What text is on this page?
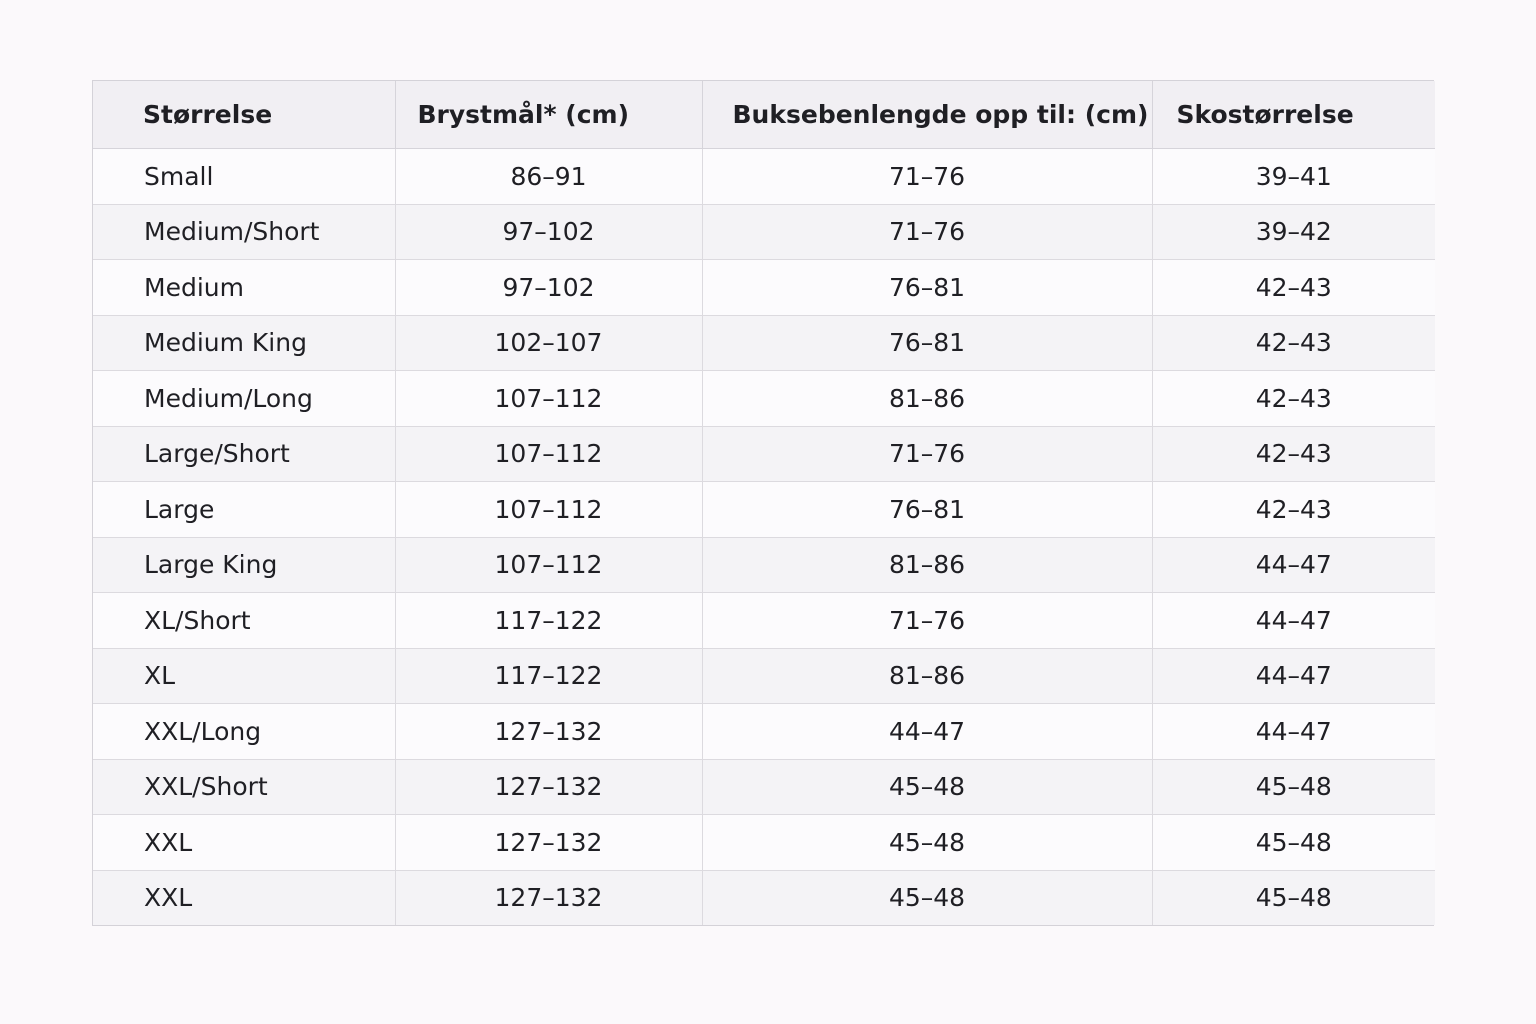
Størrelse	Brystmål* (cm)	Buksebenlengde opp til: (cm)	Skostørrelse
Small	86–91	71–76	39–41
Medium/Short	97–102	71–76	39–42
Medium	97–102	76–81	42–43
Medium King	102–107	76–81	42–43
Medium/Long	107–112	81–86	42–43
Large/Short	107–112	71–76	42–43
Large	107–112	76–81	42–43
Large King	107–112	81–86	44–47
XL/Short	117–122	71–76	44–47
XL	117–122	81–86	44–47
XXL/Long	127–132	44–47	44–47
XXL/Short	127–132	45–48	45–48
XXL	127–132	45–48	45–48
XXL	127–132	45–48	45–48
